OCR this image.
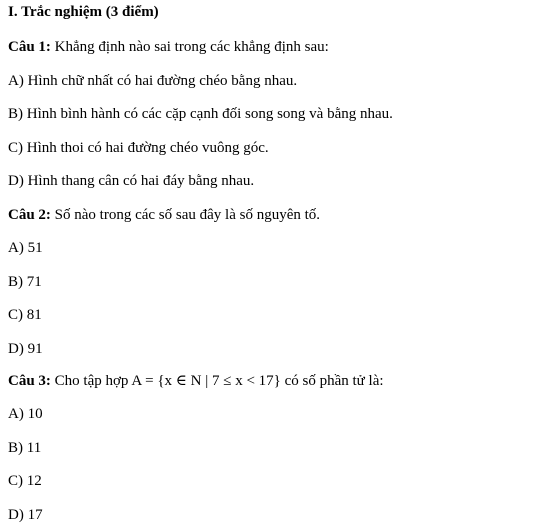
I. Trắc nghiệm (3 điểm)
Câu 1: Khẳng định nào sai trong các khẳng định sau:
A) Hình chữ nhất có hai đường chéo bằng nhau.
B) Hình bình hành có các cặp cạnh đối song song và bằng nhau.
C) Hình thoi có hai đường chéo vuông góc.
D) Hình thang cân có hai đáy bằng nhau.
Câu 2: Số nào trong các số sau đây là số nguyên tố.
A) 51
B) 71
C) 81
D) 91
Câu 3: Cho tập hợp A = {x ∈ N | 7 ≤ x < 17} có số phần tử là:
A) 10
B) 11
C) 12
D) 17
